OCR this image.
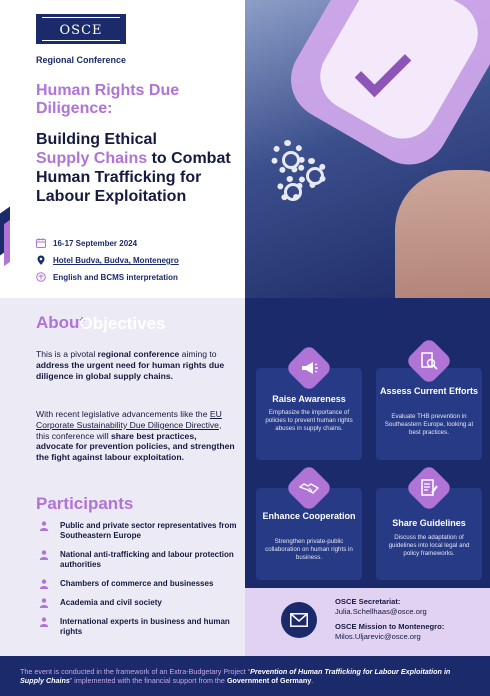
osce
Regional Conference
Human Rights Due Diligence:
Building Ethical
Supply Chains to Combat Human Trafficking for Labour Exploitation
16-17 September 2024
Hotel Budva, Budva, Montenegro
English and BCMS interpretation
About
This is a pivotal regional conference aiming to address the urgent need for human rights due diligence in global supply chains.
With recent legislative advancements like the EU Corporate Sustainability Due Diligence Directive, this conference will share best practices, advocate for prevention policies, and strengthen the fight against labour exploitation.
Participants
Public and private sector representatives from Southeastern Europe
National anti-trafficking and labour protection authorities
Chambers of commerce and businesses
Academia and civil society
International experts in business and human rights
Objectives
Raise Awareness
Emphasize the importance of policies to prevent human rights abuses in supply chains.
Assess Current Efforts
Evaluate THB prevention in Southeastern Europe, looking at best practices.
Enhance Cooperation
Strengthen private-public collaboration on human rights in business.
Share Guidelines
Discuss the adaptation of guidelines into local legal and policy frameworks.
OSCE Secretariat:
Julia.Schellhaas@osce.org
OSCE Mission to Montenegro:
Milos.Uljarevic@osce.org

The event is conducted in the framework of an Extra-Budgetary Project “Prevention of Human Trafficking for Labour Exploitation in Supply Chains” implemented with the financial support from the Government of Germany.
